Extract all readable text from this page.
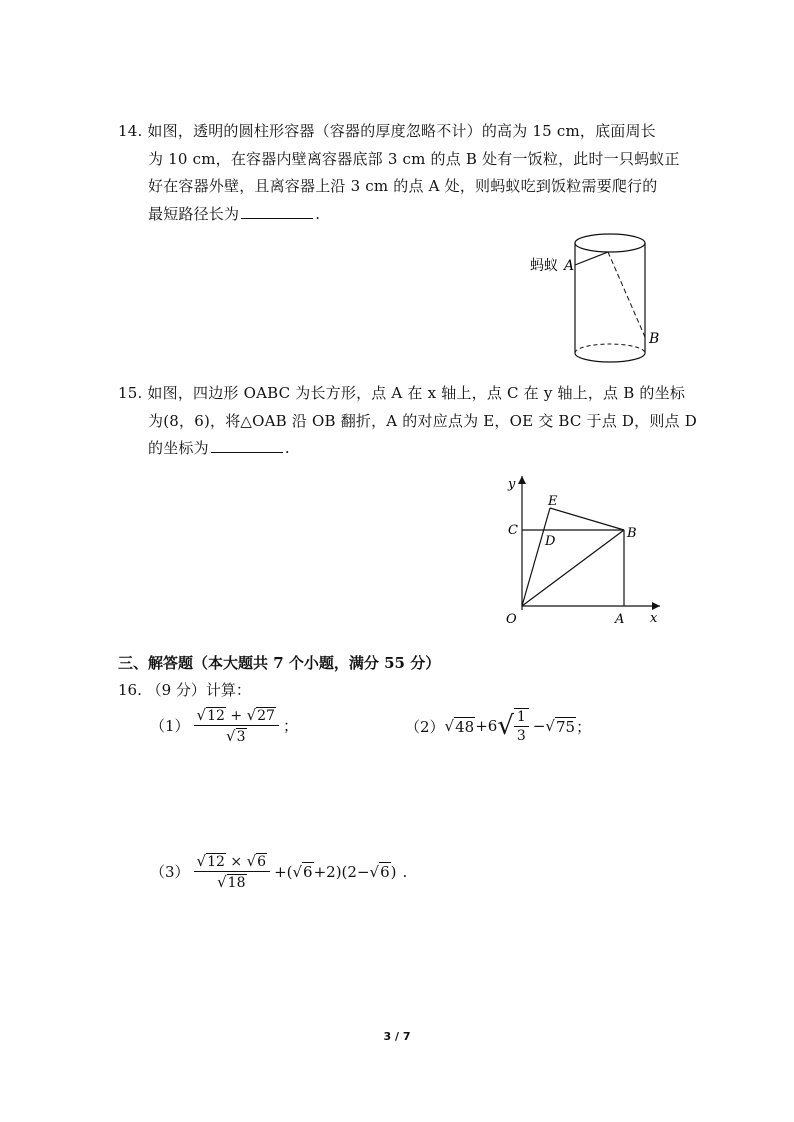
14. 如图，透明的圆柱形容器（容器的厚度忽略不计）的高为 15 cm，底面周长
为 10 cm，在容器内壁离容器底部 3 cm 的点 B 处有一饭粒，此时一只蚂蚁正
好在容器外壁，且离容器上沿 3 cm 的点 A 处，则蚂蚁吃到饭粒需要爬行的
最短路径长为	.
蚂蚁 A
B
15. 如图，四边形 OABC 为长方形，点 A 在 x 轴上，点 C 在 y 轴上，点 B 的坐标
为(8，6)，将△OAB 沿 OB 翻折，A 的对应点为 E，OE 交 BC 于点 D，则点 D
的坐标为	.
y
x
O	A
B
C
D
E
三、解答题（本大题共 7 个小题，满分 55 分）
16. （9 分）计算：
$(1) \frac{√12 + √27}{√3}$ ；	（2） √ 48 +6 √ $\frac{1}{3}$ − √ 75 ；
$(3) \frac{√12 \times √6}{√18}$ +( √ 6 +2)(2− √ 6 ) .
3 / 7
